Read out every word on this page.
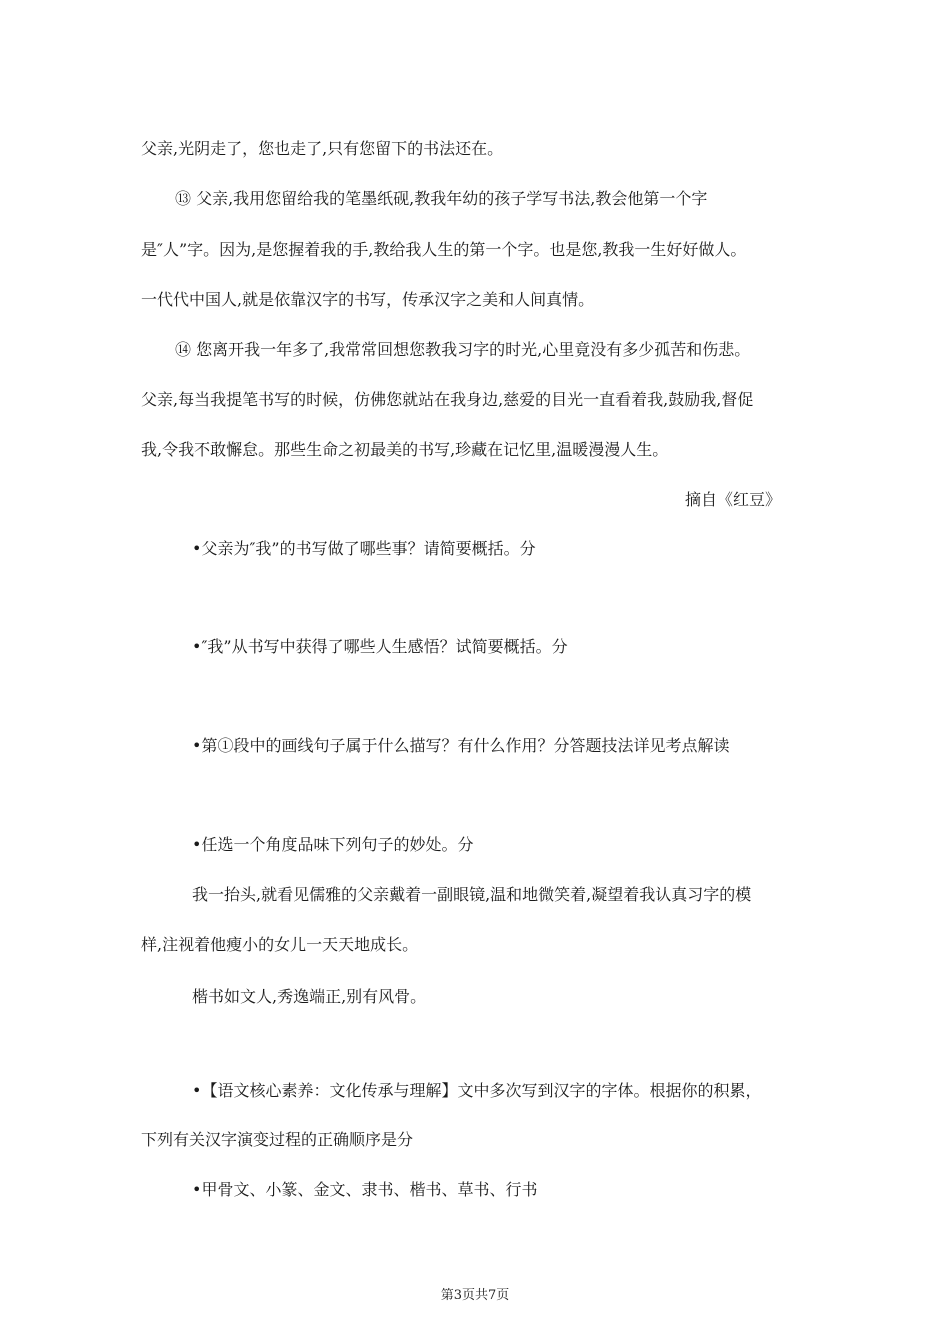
父亲,光阴走了，您也走了,只有您留下的书法还在。
⑬ 父亲,我用您留给我的笔墨纸砚,教我年幼的孩子学写书法,教会他第一个字
是″人”字。因为,是您握着我的手,教给我人生的第一个字。也是您,教我一生好好做人。
一代代中国人,就是依靠汉字的书写，传承汉字之美和人间真情。
⑭ 您离开我一年多了,我常常回想您教我习字的时光,心里竟没有多少孤苦和伤悲。
父亲,每当我提笔书写的时候，仿佛您就站在我身边,慈爱的目光一直看着我,鼓励我,督促
我,令我不敢懈怠。那些生命之初最美的书写,珍藏在记忆里,温暖漫漫人生。
摘自《红豆》
•父亲为″我”的书写做了哪些事？请简要概括。分
•″我”从书写中获得了哪些人生感悟？试简要概括。分
•第①段中的画线句子属于什么描写？有什么作用？分答题技法详见考点解读
•任选一个角度品味下列句子的妙处。分
我一抬头,就看见儒雅的父亲戴着一副眼镜,温和地微笑着,凝望着我认真习字的模
样,注视着他瘦小的女儿一天天地成长。
楷书如文人,秀逸端正,别有风骨。
•【语文核心素养：文化传承与理解】文中多次写到汉字的字体。根据你的积累，
下列有关汉字演变过程的正确顺序是分
•甲骨文、小篆、金文、隶书、楷书、草书、行书
第3页共7页
